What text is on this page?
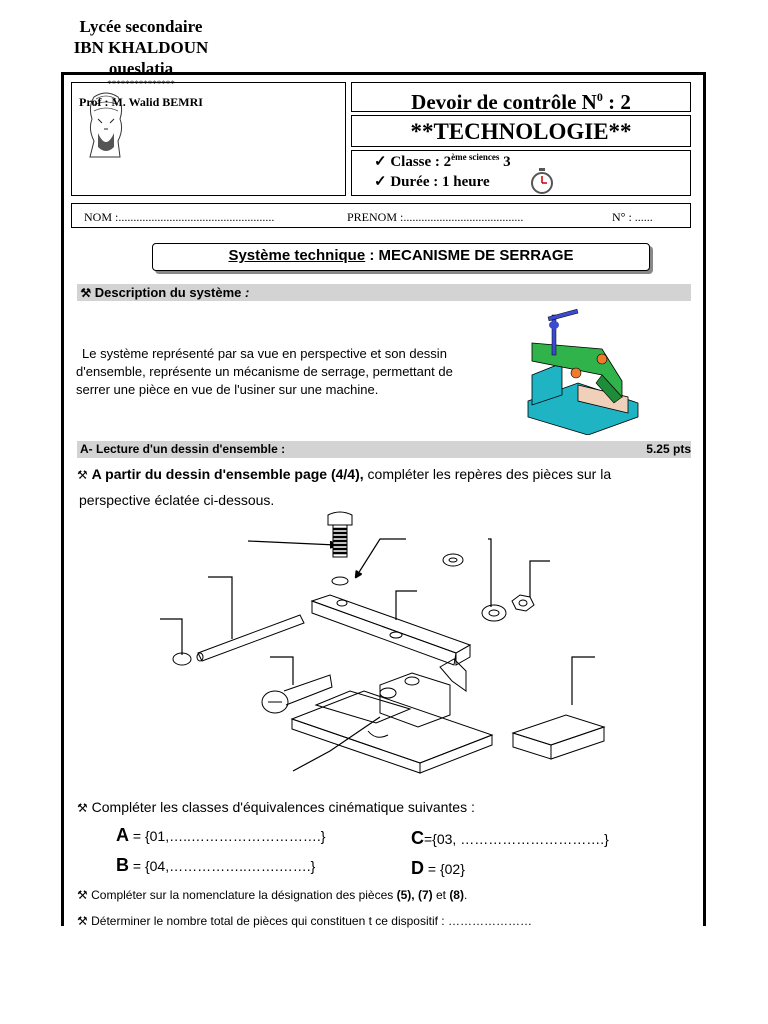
Lycée secondaire
IBN KHALDOUN
oueslatia
***************
Prof : M. Walid BEMRI	Devoir de contrôle $N^0$ : 2
**TECHNOLOGIE**
✓ Classe : $2^{ème sciences}$ 3
✓ Durée : 1 heure
NOM :....................................................	PRENOM :........................................	N° : ......
Système technique : MECANISME DE SERRAGE
⚒ Description du système :

Le système représenté par sa vue en perspective et son dessin d'ensemble, représente un mécanisme de serrage, permettant de serrer une pièce en vue de l'usiner sur une machine.

A- Lecture d'un dessin d'ensemble :	5.25 pts

⚒ A partir du dessin d'ensemble page (4/4), compléter les repères des pièces sur la

perspective éclatée ci-dessous.

⚒ Compléter les classes d'équivalences cinématique suivantes :

A = {01,…..……………………….}
B = {04,……………..…….…….}
C={03, ………………………….}
D = {02}

⚒ Compléter sur la nomenclature la désignation des pièces (5), (7) et (8).

⚒ Déterminer le nombre total de pièces qui constituen t ce dispositif : …………………
